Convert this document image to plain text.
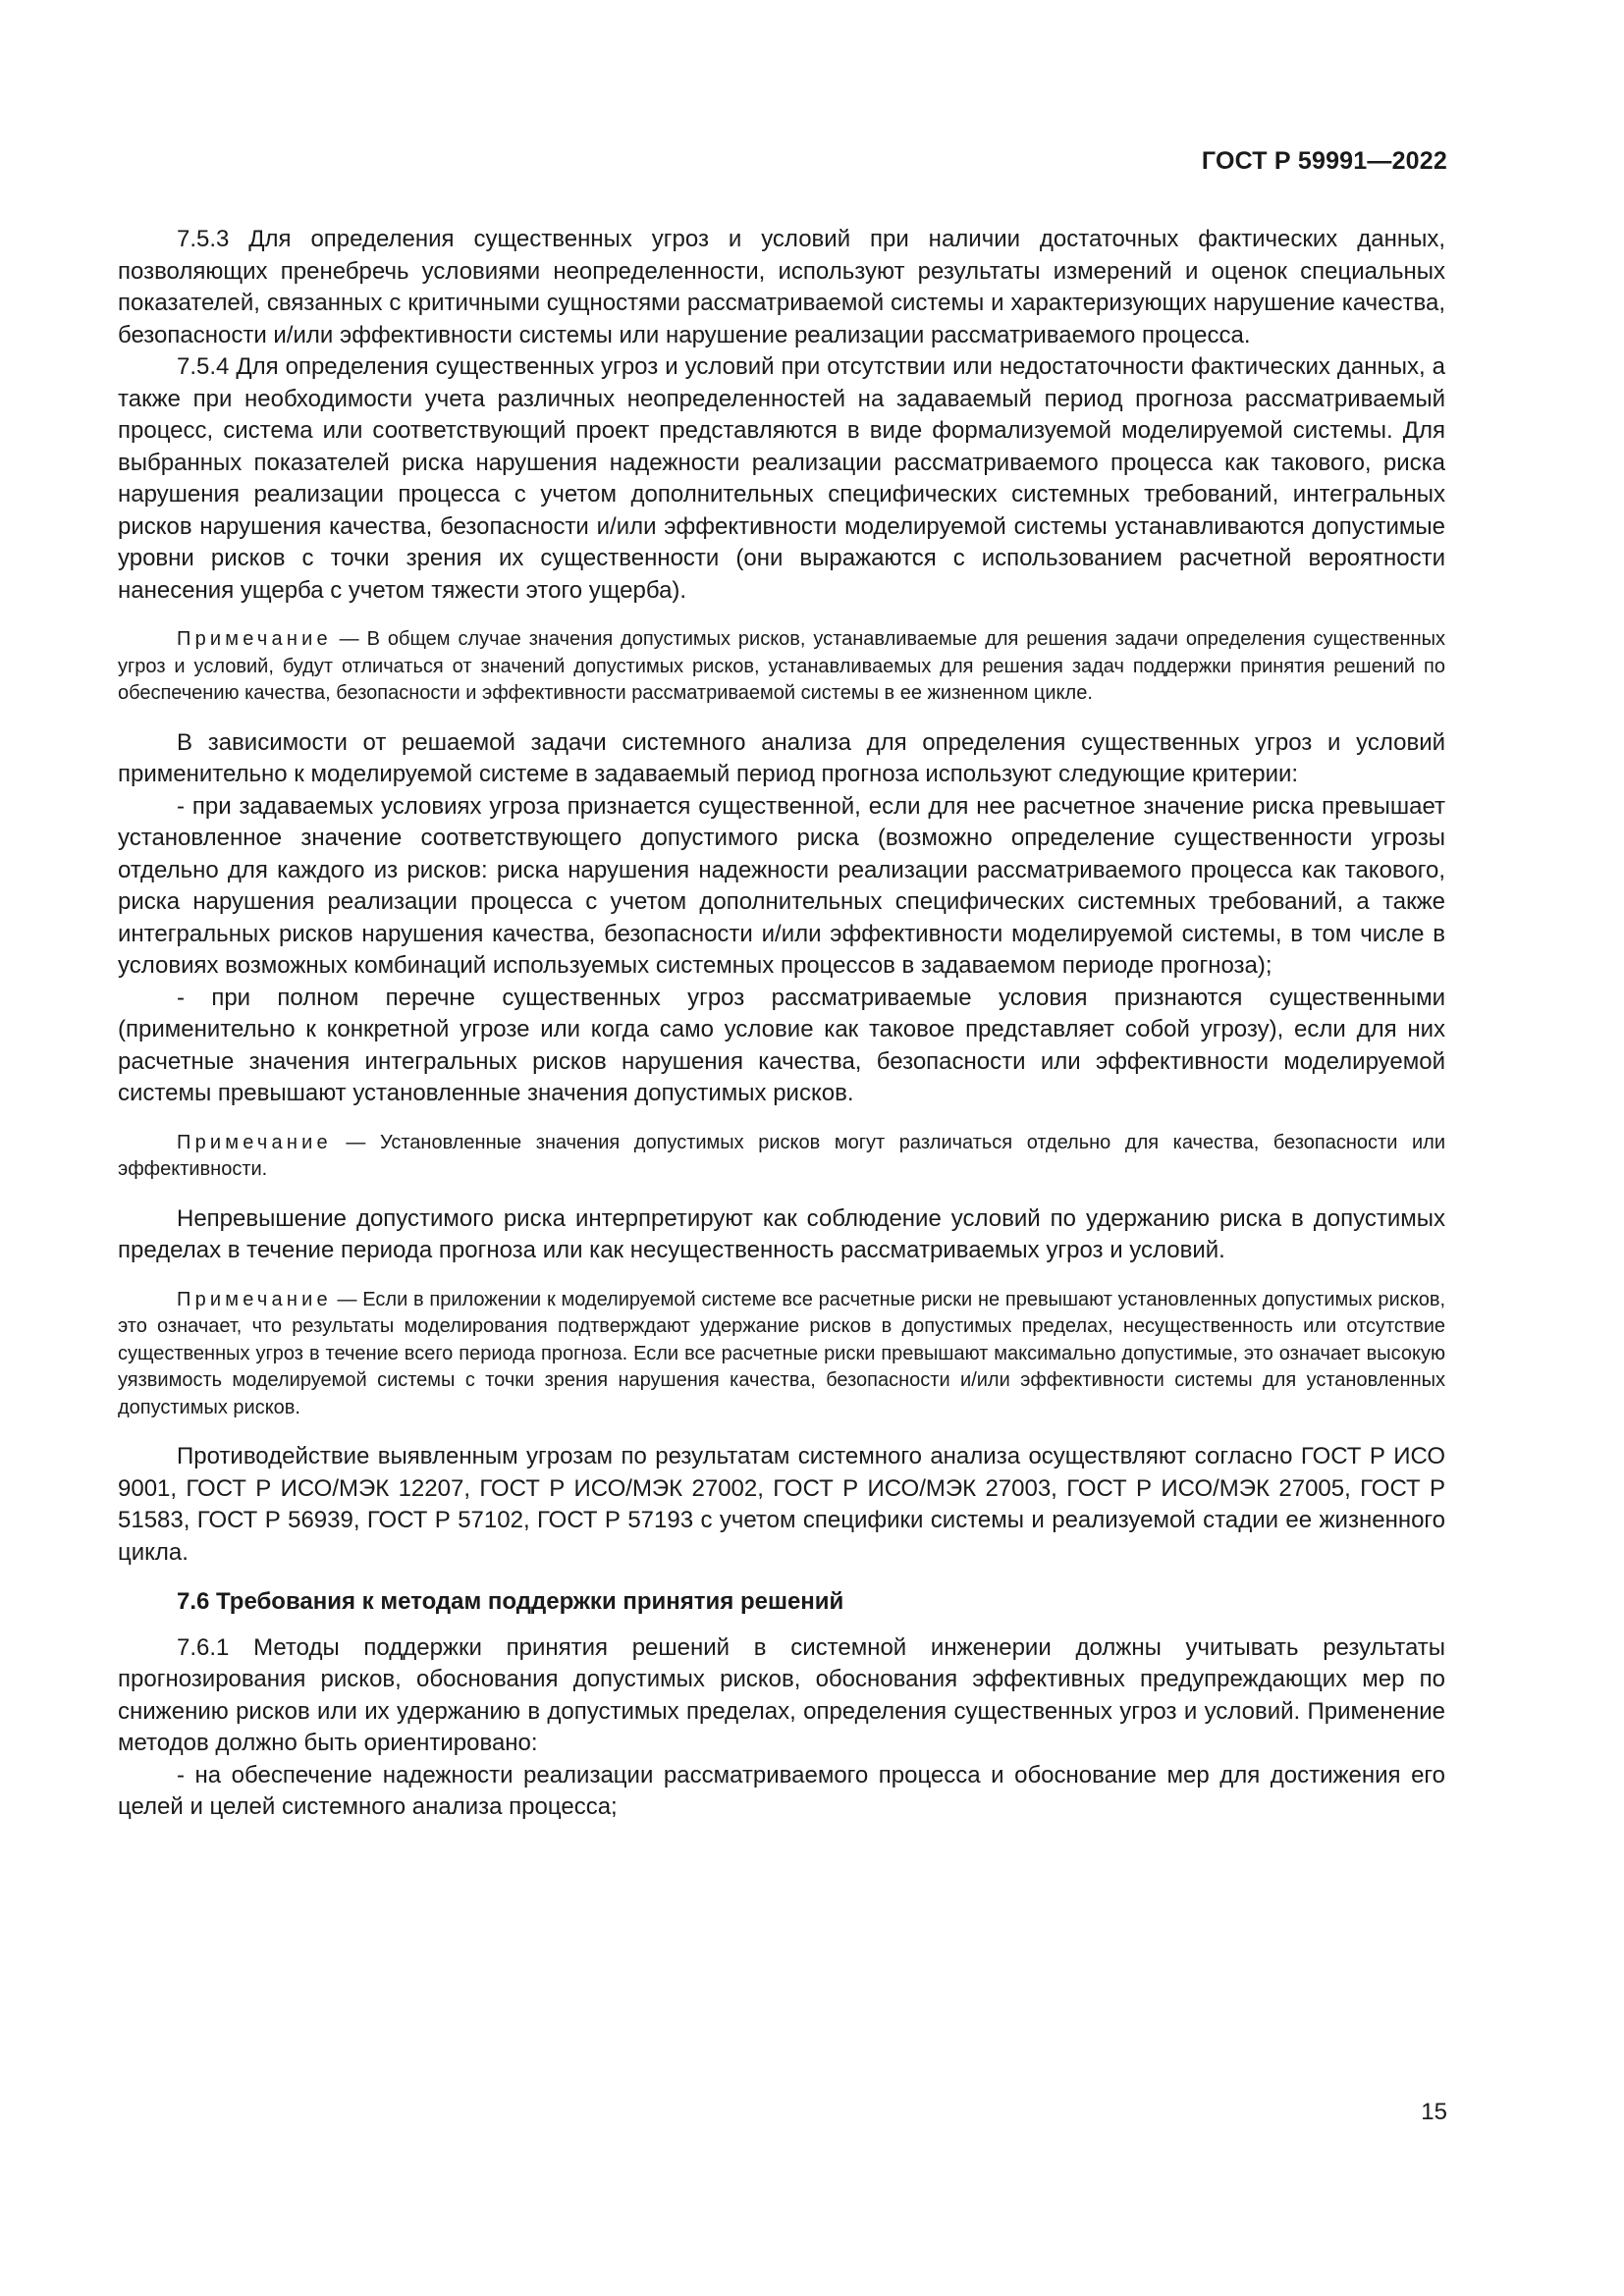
ГОСТ Р 59991—2022

7.5.3 Для определения существенных угроз и условий при наличии достаточных фактических данных, позволяющих пренебречь условиями неопределенности, используют результаты измерений и оценок специальных показателей, связанных с критичными сущностями рассматриваемой системы и характеризующих нарушение качества, безопасности и/или эффективности системы или нарушение реализации рассматриваемого процесса.

7.5.4 Для определения существенных угроз и условий при отсутствии или недостаточности фактических данных, а также при необходимости учета различных неопределенностей на задаваемый период прогноза рассматриваемый процесс, система или соответствующий проект представляются в виде формализуемой моделируемой системы. Для выбранных показателей риска нарушения надежности реализации рассматриваемого процесса как такового, риска нарушения реализации процесса с учетом дополнительных специфических системных требований, интегральных рисков нарушения качества, безопасности и/или эффективности моделируемой системы устанавливаются допустимые уровни рисков с точки зрения их существенности (они выражаются с использованием расчетной вероятности нанесения ущерба с учетом тяжести этого ущерба).

Примечание — В общем случае значения допустимых рисков, устанавливаемые для решения задачи определения существенных угроз и условий, будут отличаться от значений допустимых рисков, устанавливаемых для решения задач поддержки принятия решений по обеспечению качества, безопасности и эффективности рассматриваемой системы в ее жизненном цикле.

В зависимости от решаемой задачи системного анализа для определения существенных угроз и условий применительно к моделируемой системе в задаваемый период прогноза используют следующие критерии:

- при задаваемых условиях угроза признается существенной, если для нее расчетное значение риска превышает установленное значение соответствующего допустимого риска (возможно определение существенности угрозы отдельно для каждого из рисков: риска нарушения надежности реализации рассматриваемого процесса как такового, риска нарушения реализации процесса с учетом дополнительных специфических системных требований, а также интегральных рисков нарушения качества, безопасности и/или эффективности моделируемой системы, в том числе в условиях возможных комбинаций используемых системных процессов в задаваемом периоде прогноза);

- при полном перечне существенных угроз рассматриваемые условия признаются существенными (применительно к конкретной угрозе или когда само условие как таковое представляет собой угрозу), если для них расчетные значения интегральных рисков нарушения качества, безопасности или эффективности моделируемой системы превышают установленные значения допустимых рисков.

Примечание — Установленные значения допустимых рисков могут различаться отдельно для качества, безопасности или эффективности.

Непревышение допустимого риска интерпретируют как соблюдение условий по удержанию риска в допустимых пределах в течение периода прогноза или как несущественность рассматриваемых угроз и условий.

Примечание — Если в приложении к моделируемой системе все расчетные риски не превышают установленных допустимых рисков, это означает, что результаты моделирования подтверждают удержание рисков в допустимых пределах, несущественность или отсутствие существенных угроз в течение всего периода прогноза. Если все расчетные риски превышают максимально допустимые, это означает высокую уязвимость моделируемой системы с точки зрения нарушения качества, безопасности и/или эффективности системы для установленных допустимых рисков.

Противодействие выявленным угрозам по результатам системного анализа осуществляют согласно ГОСТ Р ИСО 9001, ГОСТ Р ИСО/МЭК 12207, ГОСТ Р ИСО/МЭК 27002, ГОСТ Р ИСО/МЭК 27003, ГОСТ Р ИСО/МЭК 27005, ГОСТ Р 51583, ГОСТ Р 56939, ГОСТ Р 57102, ГОСТ Р 57193 с учетом специфики системы и реализуемой стадии ее жизненного цикла.

7.6 Требования к методам поддержки принятия решений

7.6.1 Методы поддержки принятия решений в системной инженерии должны учитывать результаты прогнозирования рисков, обоснования допустимых рисков, обоснования эффективных предупреждающих мер по снижению рисков или их удержанию в допустимых пределах, определения существенных угроз и условий. Применение методов должно быть ориентировано:

- на обеспечение надежности реализации рассматриваемого процесса и обоснование мер для достижения его целей и целей системного анализа процесса;

15
